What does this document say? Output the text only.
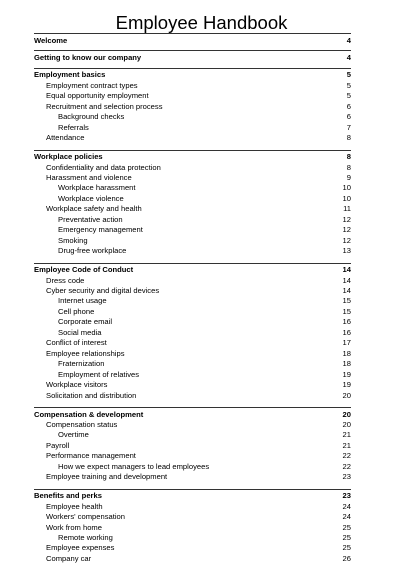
Employee Handbook
Welcome	4
Getting to know our company	4
Employment basics	5
Employment contract types	5
Equal opportunity employment	5
Recruitment and selection process	6
Background checks	6
Referrals	7
Attendance	8
Workplace policies	8
Confidentiality and data protection	8
Harassment and violence	9
Workplace harassment	10
Workplace violence	10
Workplace safety and health	11
Preventative action	12
Emergency management	12
Smoking	12
Drug-free workplace	13
Employee Code of Conduct	14
Dress code	14
Cyber security and digital devices	14
Internet usage	15
Cell phone	15
Corporate email	16
Social media	16
Conflict of interest	17
Employee relationships	18
Fraternization	18
Employment of relatives	19
Workplace visitors	19
Solicitation and distribution	20
Compensation & development	20
Compensation status	20
Overtime	21
Payroll	21
Performance management	22
How we expect managers to lead employees	22
Employee training and development	23
Benefits and perks	23
Employee health	24
Workers' compensation	24
Work from home	25
Remote working	25
Employee expenses	25
Company car	26
